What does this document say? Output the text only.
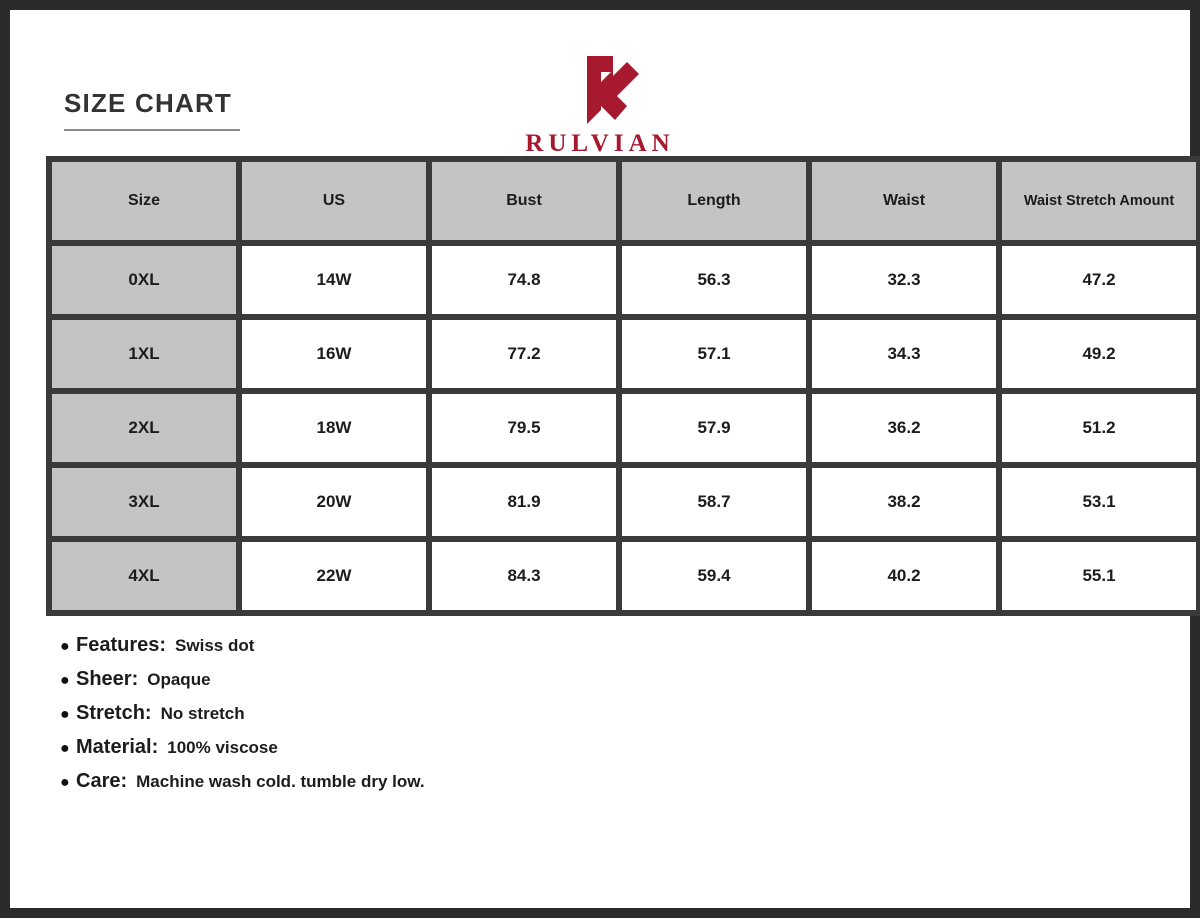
SIZE CHART
RULVIAN
Size	US	Bust	Length	Waist	Waist Stretch Amount
0XL	14W	74.8	56.3	32.3	47.2
1XL	16W	77.2	57.1	34.3	49.2
2XL	18W	79.5	57.9	36.2	51.2
3XL	20W	81.9	58.7	38.2	53.1
4XL	22W	84.3	59.4	40.2	55.1
● Features: Swiss dot
● Sheer: Opaque
● Stretch: No stretch
● Material: 100% viscose
● Care: Machine wash cold. tumble dry low.
